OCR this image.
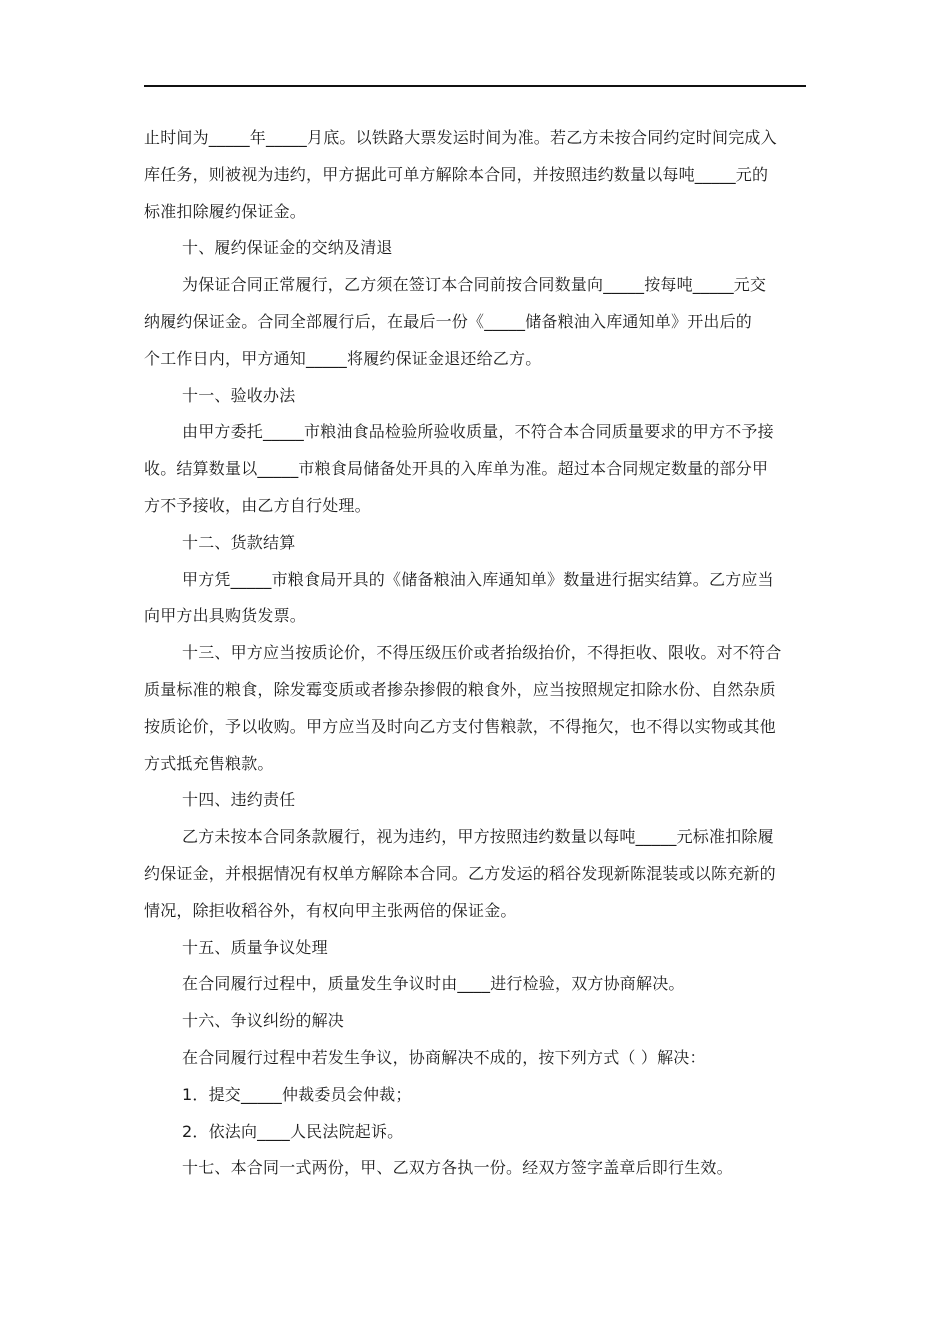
止时间为_____年_____月底。以铁路大票发运时间为准。若乙方未按合同约定时间完成入

库任务，则被视为违约，甲方据此可单方解除本合同，并按照违约数量以每吨_____元的

标准扣除履约保证金。

十、履约保证金的交纳及清退

为保证合同正常履行，乙方须在签订本合同前按合同数量向_____按每吨_____元交

纳履约保证金。合同全部履行后，在最后一份《_____储备粮油入库通知单》开出后的

个工作日内，甲方通知_____将履约保证金退还给乙方。

十一、验收办法

由甲方委托_____市粮油食品检验所验收质量，不符合本合同质量要求的甲方不予接

收。结算数量以_____市粮食局储备处开具的入库单为准。超过本合同规定数量的部分甲

方不予接收，由乙方自行处理。

十二、货款结算

甲方凭_____市粮食局开具的《储备粮油入库通知单》数量进行据实结算。乙方应当

向甲方出具购货发票。

十三、甲方应当按质论价，不得压级压价或者抬级抬价，不得拒收、限收。对不符合

质量标准的粮食，除发霉变质或者掺杂掺假的粮食外，应当按照规定扣除水份、自然杂质

按质论价，予以收购。甲方应当及时向乙方支付售粮款，不得拖欠，也不得以实物或其他

方式抵充售粮款。

十四、违约责任

乙方未按本合同条款履行，视为违约，甲方按照违约数量以每吨_____元标准扣除履

约保证金，并根据情况有权单方解除本合同。乙方发运的稻谷发现新陈混装或以陈充新的

情况，除拒收稻谷外，有权向甲主张两倍的保证金。

十五、质量争议处理

在合同履行过程中，质量发生争议时由____进行检验，双方协商解决。

十六、争议纠纷的解决

在合同履行过程中若发生争议，协商解决不成的，按下列方式（ ）解决：

1．提交_____仲裁委员会仲裁；

2．依法向____人民法院起诉。

十七、本合同一式两份，甲、乙双方各执一份。经双方签字盖章后即行生效。
